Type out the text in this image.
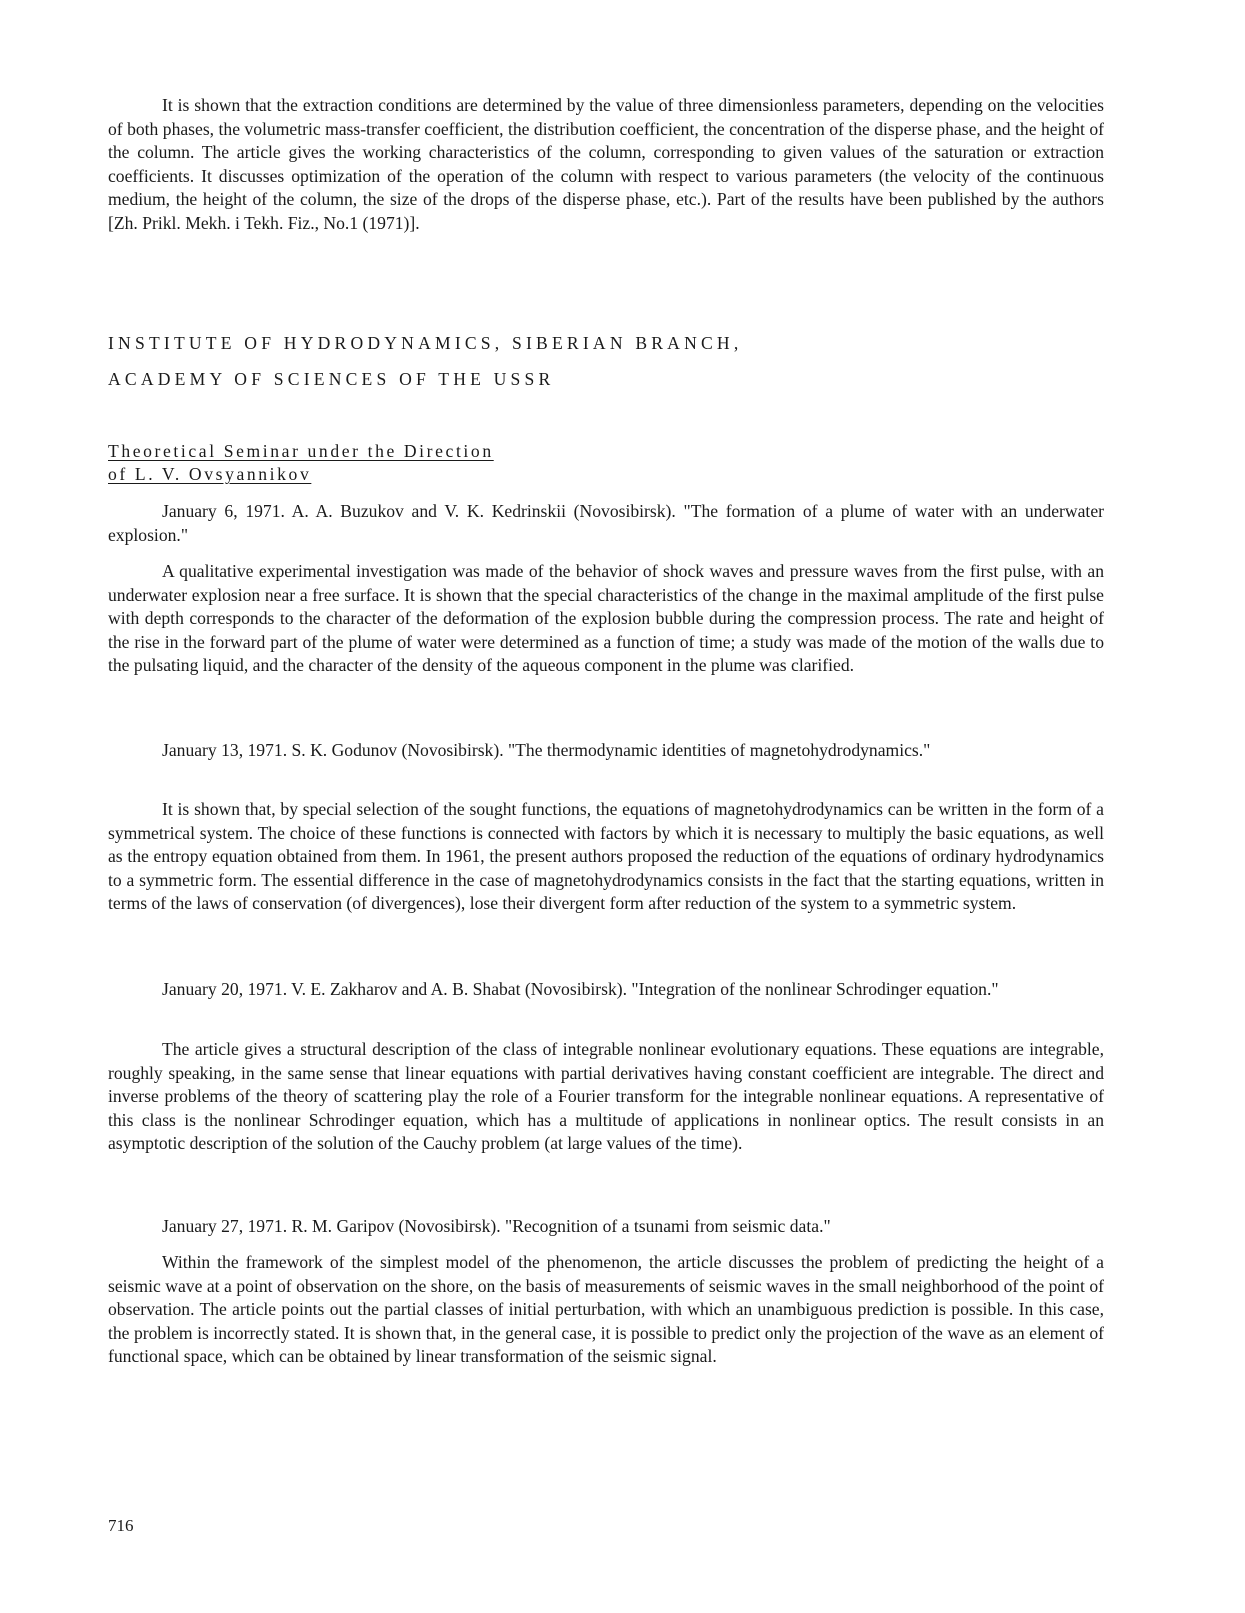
It is shown that the extraction conditions are determined by the value of three dimensionless parameters, depending on the velocities of both phases, the volumetric mass-transfer coefficient, the distribution coefficient, the concentration of the disperse phase, and the height of the column. The article gives the working characteristics of the column, corresponding to given values of the saturation or extraction coefficients. It discusses optimization of the operation of the column with respect to various parameters (the velocity of the continuous medium, the height of the column, the size of the drops of the disperse phase, etc.). Part of the results have been published by the authors [Zh. Prikl. Mekh. i Tekh. Fiz., No.1 (1971)].

INSTITUTE OF HYDRODYNAMICS, SIBERIAN BRANCH,

ACADEMY OF SCIENCES OF THE USSR

Theoretical Seminar under the Direction

of L. V. Ovsyannikov

January 6, 1971. A. A. Buzukov and V. K. Kedrinskii (Novosibirsk). "The formation of a plume of water with an underwater explosion."

A qualitative experimental investigation was made of the behavior of shock waves and pressure waves from the first pulse, with an underwater explosion near a free surface. It is shown that the special characteristics of the change in the maximal amplitude of the first pulse with depth corresponds to the character of the deformation of the explosion bubble during the compression process. The rate and height of the rise in the forward part of the plume of water were determined as a function of time; a study was made of the motion of the walls due to the pulsating liquid, and the character of the density of the aqueous component in the plume was clarified.

January 13, 1971. S. K. Godunov (Novosibirsk). "The thermodynamic identities of magnetohydrodynamics."

It is shown that, by special selection of the sought functions, the equations of magnetohydrodynamics can be written in the form of a symmetrical system. The choice of these functions is connected with factors by which it is necessary to multiply the basic equations, as well as the entropy equation obtained from them. In 1961, the present authors proposed the reduction of the equations of ordinary hydrodynamics to a symmetric form. The essential difference in the case of magnetohydrodynamics consists in the fact that the starting equations, written in terms of the laws of conservation (of divergences), lose their divergent form after reduction of the system to a symmetric system.

January 20, 1971. V. E. Zakharov and A. B. Shabat (Novosibirsk). "Integration of the nonlinear Schrodinger equation."

The article gives a structural description of the class of integrable nonlinear evolutionary equations. These equations are integrable, roughly speaking, in the same sense that linear equations with partial derivatives having constant coefficient are integrable. The direct and inverse problems of the theory of scattering play the role of a Fourier transform for the integrable nonlinear equations. A representative of this class is the nonlinear Schrodinger equation, which has a multitude of applications in nonlinear optics. The result consists in an asymptotic description of the solution of the Cauchy problem (at large values of the time).

January 27, 1971. R. M. Garipov (Novosibirsk). "Recognition of a tsunami from seismic data."

Within the framework of the simplest model of the phenomenon, the article discusses the problem of predicting the height of a seismic wave at a point of observation on the shore, on the basis of measurements of seismic waves in the small neighborhood of the point of observation. The article points out the partial classes of initial perturbation, with which an unambiguous prediction is possible. In this case, the problem is incorrectly stated. It is shown that, in the general case, it is possible to predict only the projection of the wave as an element of functional space, which can be obtained by linear transformation of the seismic signal.

716
